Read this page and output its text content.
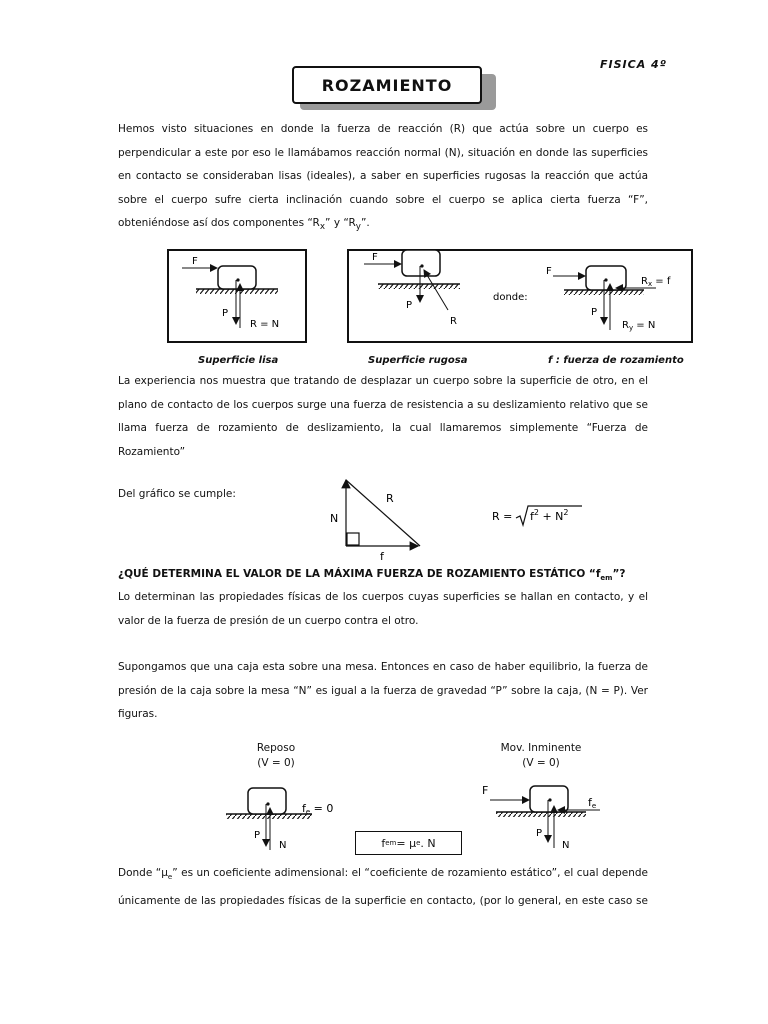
FISICA 4º
ROZAMIENTO
Hemos visto situaciones en donde la fuerza de reacción (R) que actúa sobre un cuerpo es
perpendicular a este por eso le llamábamos reacción normal (N), situación en donde las superficies
en contacto se consideraban lisas (ideales), a saber en superficies rugosas la reacción que actúa
sobre el cuerpo sufre cierta inclinación cuando sobre el cuerpo se aplica cierta fuerza “F”,
obteniéndose así dos componentes “$R_x$” y “$R_y$”.
F
P
R = N
F
P
R
donde:
F
P
$R_x = f$
$R_y = N$
Superficie lisa	Superficie rugosa	f : fuerza de rozamiento
La experiencia nos muestra que tratando de desplazar un cuerpo sobre la superficie de otro, en el
plano de contacto de los cuerpos surge una fuerza de resistencia a su deslizamiento relativo que se
llama fuerza de rozamiento de deslizamiento, la cual llamaremos simplemente “Fuerza de
Rozamiento”
Del gráfico se cumple:
N
R
f
$R = f^2 + N^2$
¿QUÉ DETERMINA EL VALOR DE LA MÁXIMA FUERZA DE ROZAMIENTO ESTÁTICO “$f_{em}$”?
Lo determinan las propiedades físicas de los cuerpos cuyas superficies se hallan en contacto, y el
valor de la fuerza de presión de un cuerpo contra el otro.
Supongamos que una caja esta sobre una mesa. Entonces en caso de haber equilibrio, la fuerza de
presión de la caja sobre la mesa “N” es igual a la fuerza de gravedad “P” sobre la caja, (N = P). Ver
figuras.
Reposo
(V = 0)
Mov. Inminente
(V = 0)
P
N
fe = 0
f em = μ e . N
F
fe
P
N
Donde “$\mu_e$” es un coeficiente adimensional: el “coeficiente de rozamiento estático”, el cual depende
únicamente de las propiedades físicas de la superficie en contacto, (por lo general, en este caso se
